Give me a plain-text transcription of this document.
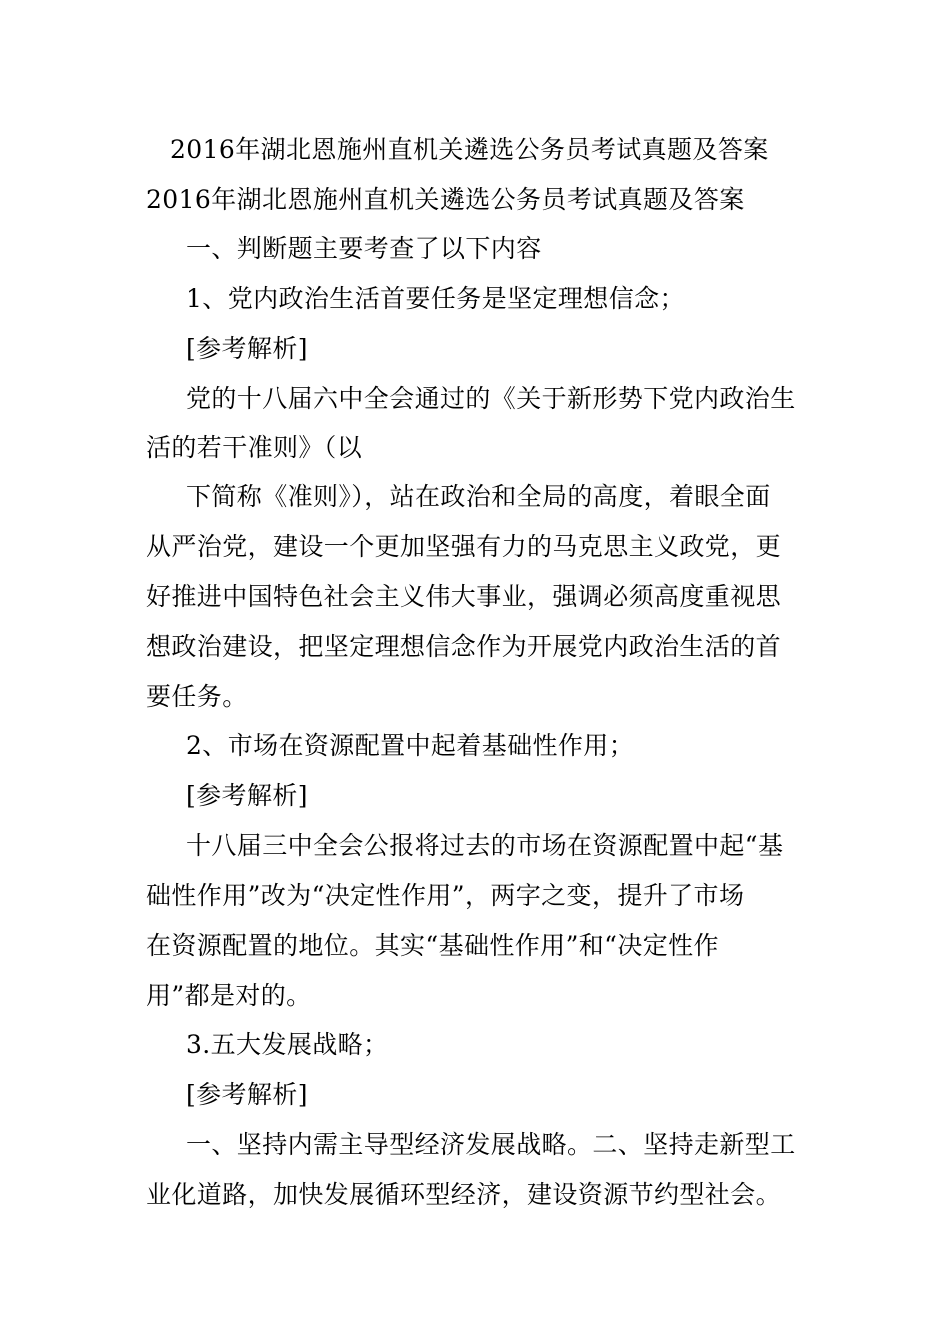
2016年湖北恩施州直机关遴选公务员考试真题及答案
2016年湖北恩施州直机关遴选公务员考试真题及答案
一、判断题主要考查了以下内容
1、党内政治生活首要任务是坚定理想信念；
[参考解析]
党的十八届六中全会通过的《关于新形势下党内政治生
活的若干准则》（以
下简称《准则》），站在政治和全局的高度，着眼全面
从严治党，建设一个更加坚强有力的马克思主义政党，更
好推进中国特色社会主义伟大事业，强调必须高度重视思
想政治建设，把坚定理想信念作为开展党内政治生活的首
要任务。
2、市场在资源配置中起着基础性作用；
[参考解析]
十八届三中全会公报将过去的市场在资源配置中起“基
础性作用”改为“决定性作用”，两字之变，提升了市场
在资源配置的地位。其实“基础性作用”和“决定性作
用”都是对的。
3.五大发展战略；
[参考解析]
一、坚持内需主导型经济发展战略。二、坚持走新型工
业化道路，加快发展循环型经济，建设资源节约型社会。
